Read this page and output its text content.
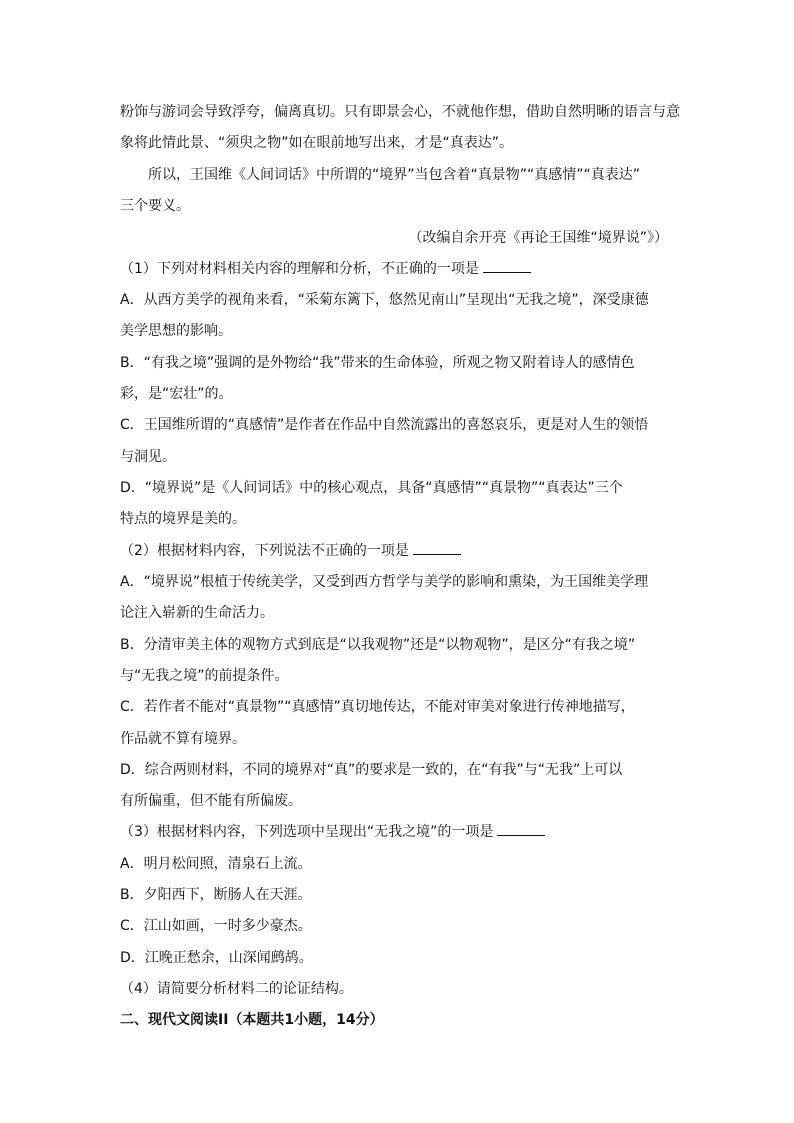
粉饰与游词会导致浮夸，偏离真切。只有即景会心，不就他作想，借助自然明晰的语言与意
象将此情此景、“须臾之物”如在眼前地写出来，才是“真表达”。
　　所以，王国维《人间词话》中所谓的“境界”当包含着“真景物”“真感情”“真表达”
三个要义。
（改编自余开亮《再论王国维“境界说”》）
（1）下列对材料相关内容的理解和分析，不正确的一项是
A．从西方美学的视角来看，“采菊东篱下，悠然见南山”呈现出“无我之境”，深受康德
美学思想的影响。
B．“有我之境”强调的是外物给“我”带来的生命体验，所观之物又附着诗人的感情色
彩，是“宏壮”的。
C．王国维所谓的“真感情”是作者在作品中自然流露出的喜怒哀乐，更是对人生的领悟
与洞见。
D．“境界说”是《人间词话》中的核心观点，具备“真感情”“真景物”“真表达”三个
特点的境界是美的。
（2）根据材料内容，下列说法不正确的一项是
A．“境界说”根植于传统美学，又受到西方哲学与美学的影响和熏染，为王国维美学理
论注入崭新的生命活力。
B．分清审美主体的观物方式到底是“以我观物”还是“以物观物”，是区分“有我之境”
与“无我之境”的前提条件。
C．若作者不能对“真景物”“真感情”真切地传达，不能对审美对象进行传神地描写，
作品就不算有境界。
D．综合两则材料，不同的境界对“真”的要求是一致的，在“有我”与“无我”上可以
有所偏重，但不能有所偏废。
（3）根据材料内容，下列选项中呈现出“无我之境”的一项是
A．明月松间照，清泉石上流。
B．夕阳西下，断肠人在天涯。
C．江山如画，一时多少豪杰。
D．江晚正愁余，山深闻鹧鸪。
（4）请简要分析材料二的论证结构。
二、现代文阅读II（本题共1小题，14分）
